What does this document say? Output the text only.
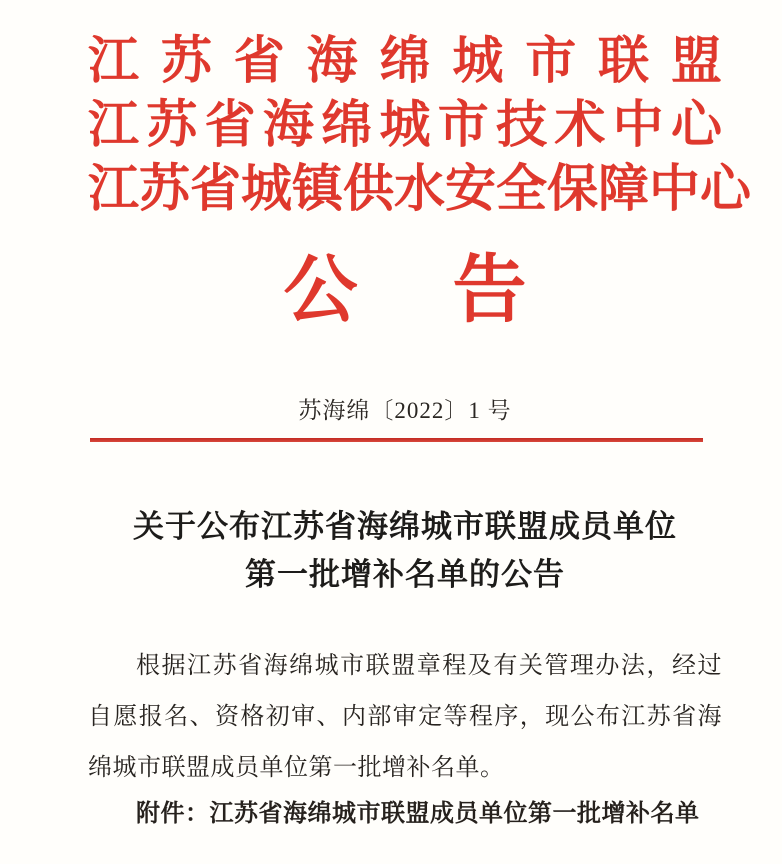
江苏省海绵城市联盟
江苏省海绵城市技术中心
江苏省城镇供水安全保障中心
公 告
苏海绵〔2022〕1 号
关于公布江苏省海绵城市联盟成员单位
第一批增补名单的公告
根据江苏省海绵城市联盟章程及有关管理办法，经过自愿报名、资格初审、内部审定等程序，现公布江苏省海绵城市联盟成员单位第一批增补名单。
附件：江苏省海绵城市联盟成员单位第一批增补名单
